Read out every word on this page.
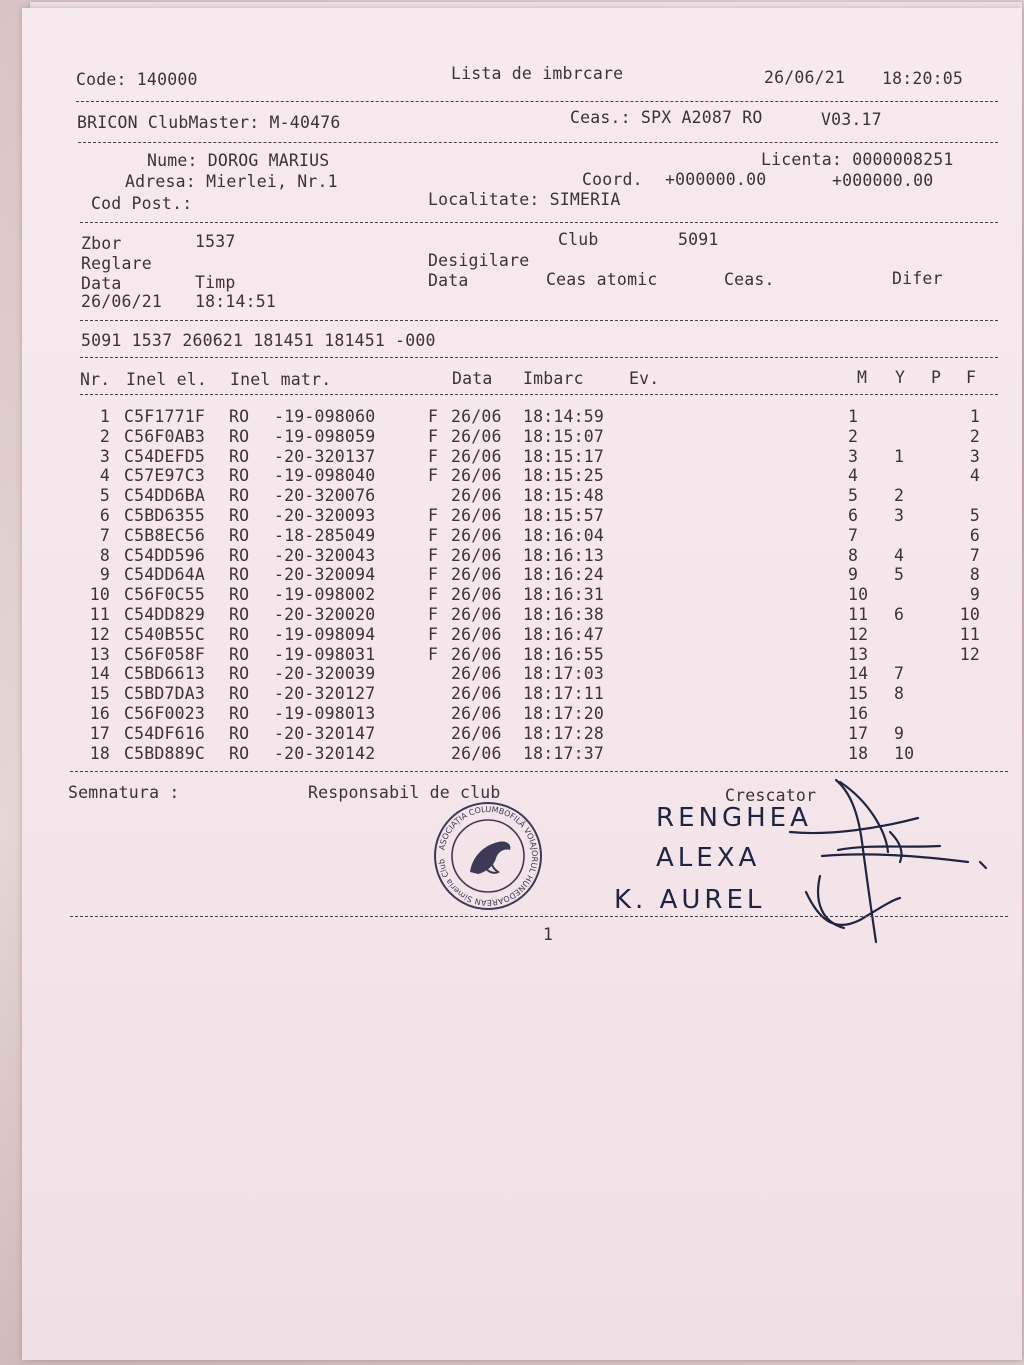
Code: 140000	Lista de imbrcare	26/06/21 18:20:05
BRICON ClubMaster: M-40476	Ceas.: SPX A2087 RO	V03.17
Nume: DOROG MARIUS	Licenta: 0000008251
Adresa: Mierlei, Nr.1	Coord. +000000.00	+000000.00
Cod Post.:	Localitate: SIMERIA
Zbor	1537	Club	5091
Reglare	Desigilare
Data	Timp	Data	Ceas atomic	Ceas.	Difer
26/06/21 18:14:51
5091 1537 260621 181451 181451 -000
Nr. Inel el. Inel matr.	Data Imbarc	Ev.	M Y P F
1 C5F1771F RO -19-098060	F 26/06 18:14:59	1	1
2 C56F0AB3 RO -19-098059	F 26/06 18:15:07	2	2
3 C54DEFD5 RO -20-320137	F 26/06 18:15:17	3 1	3
4 C57E97C3 RO -19-098040	F 26/06 18:15:25	4	4
5 C54DD6BA RO -20-320076	26/06 18:15:48	5 2
6 C5BD6355 RO -20-320093	F 26/06 18:15:57	6 3	5
7 C5B8EC56 RO -18-285049	F 26/06 18:16:04	7	6
8 C54DD596 RO -20-320043	F 26/06 18:16:13	8 4	7
9 C54DD64A RO -20-320094	F 26/06 18:16:24	9 5	8
10 C56F0C55 RO -19-098002	F 26/06 18:16:31	10	9
11 C54DD829 RO -20-320020	F 26/06 18:16:38	11 6	10
12 C540B55C RO -19-098094	F 26/06 18:16:47	12	11
13 C56F058F RO -19-098031	F 26/06 18:16:55	13	12
14 C5BD6613 RO -20-320039	26/06 18:17:03	14 7
15 C5BD7DA3 RO -20-320127	26/06 18:17:11	15 8
16 C56F0023 RO -19-098013	26/06 18:17:20	16
17 C54DF616 RO -20-320147	26/06 18:17:28	17 9
18 C5BD889C RO -20-320142	26/06 18:17:37	18 10
Semnatura :	Responsabil de club	Crescator
ASOCIAȚIA COLUMBOFILĂ VOIAJORUL HUNEDOAREAN Simeria Club
RENGHEA
ALEXA
K. AUREL
1
